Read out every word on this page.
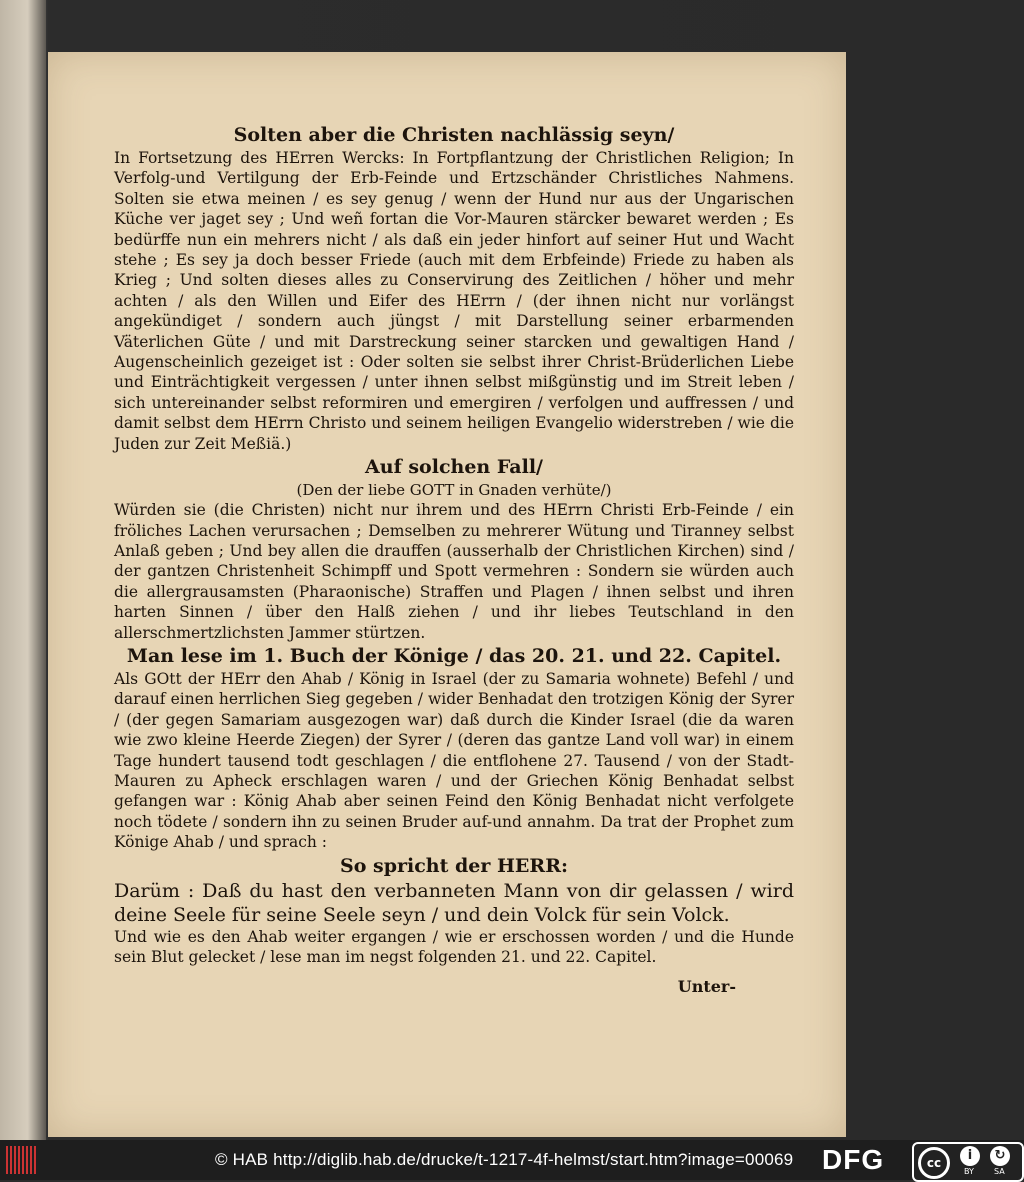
Solten aber die Christen nachlässig seyn/

In Fortsetzung des HErren Wercks: In Fortpflantzung der Christlichen Religion; In Verfolg-und Vertilgung der Erb-Feinde und Ertzschänder Christliches Nahmens. Solten sie etwa meinen / es sey genug / wenn der Hund nur aus der Ungarischen Küche ver jaget sey ; Und weñ fortan die Vor-Mauren stärcker bewaret werden ; Es bedürffe nun ein mehrers nicht / als daß ein jeder hinfort auf seiner Hut und Wacht stehe ; Es sey ja doch besser Friede (auch mit dem Erbfeinde) Friede zu haben als Krieg ; Und solten dieses alles zu Conservirung des Zeitlichen / höher und mehr achten / als den Willen und Eifer des HErrn / (der ihnen nicht nur vorlängst angekündiget / sondern auch jüngst / mit Darstellung seiner erbarmenden Väterlichen Güte / und mit Darstreckung seiner starcken und gewaltigen Hand / Augenscheinlich gezeiget ist : Oder solten sie selbst ihrer Christ-Brüderlichen Liebe und Einträchtigkeit vergessen / unter ihnen selbst mißgünstig und im Streit leben / sich untereinander selbst reformiren und emergiren / verfolgen und auffressen / und damit selbst dem HErrn Christo und seinem heiligen Evangelio widerstreben / wie die Juden zur Zeit Meßiä.)

Auf solchen Fall/
(Den der liebe GOTT in Gnaden verhüte/)

Würden sie (die Christen) nicht nur ihrem und des HErrn Christi Erb-Feinde / ein fröliches Lachen verursachen ; Demselben zu mehrerer Wütung und Tiranney selbst Anlaß geben ; Und bey allen die drauffen (ausserhalb der Christlichen Kirchen) sind / der gantzen Christenheit Schimpff und Spott vermehren : Sondern sie würden auch die allergrausamsten (Pharaonische) Straffen und Plagen / ihnen selbst und ihren harten Sinnen / über den Halß ziehen / und ihr liebes Teutschland in den allerschmertzlichsten Jammer stürtzen.

Man lese im 1. Buch der Könige / das 20. 21. und 22. Capitel.

Als GOtt der HErr den Ahab / König in Israel (der zu Samaria wohnete) Befehl / und darauf einen herrlichen Sieg gegeben / wider Benhadat den trotzigen König der Syrer / (der gegen Samariam ausgezogen war) daß durch die Kinder Israel (die da waren wie zwo kleine Heerde Ziegen) der Syrer / (deren das gantze Land voll war) in einem Tage hundert tausend todt geschlagen / die entflohene 27. Tausend / von der Stadt-Mauren zu Apheck erschlagen waren / und der Griechen König Benhadat selbst gefangen war : König Ahab aber seinen Feind den König Benhadat nicht verfolgete noch tödete / sondern ihn zu seinen Bruder auf-und annahm. Da trat der Prophet zum Könige Ahab / und sprach :

So spricht der HERR:

Darüm : Daß du hast den verbanneten Mann von dir gelassen / wird deine Seele für seine Seele seyn / und dein Volck für sein Volck.

Und wie es den Ahab weiter ergangen / wie er erschossen worden / und die Hunde sein Blut gelecket / lese man im negst folgenden 21. und 22. Capitel.

Unter-
© HAB http://diglib.hab.de/drucke/t-1217-4f-helmst/start.htm?image=00069 DFG	cc	i	↻
BY	SA
